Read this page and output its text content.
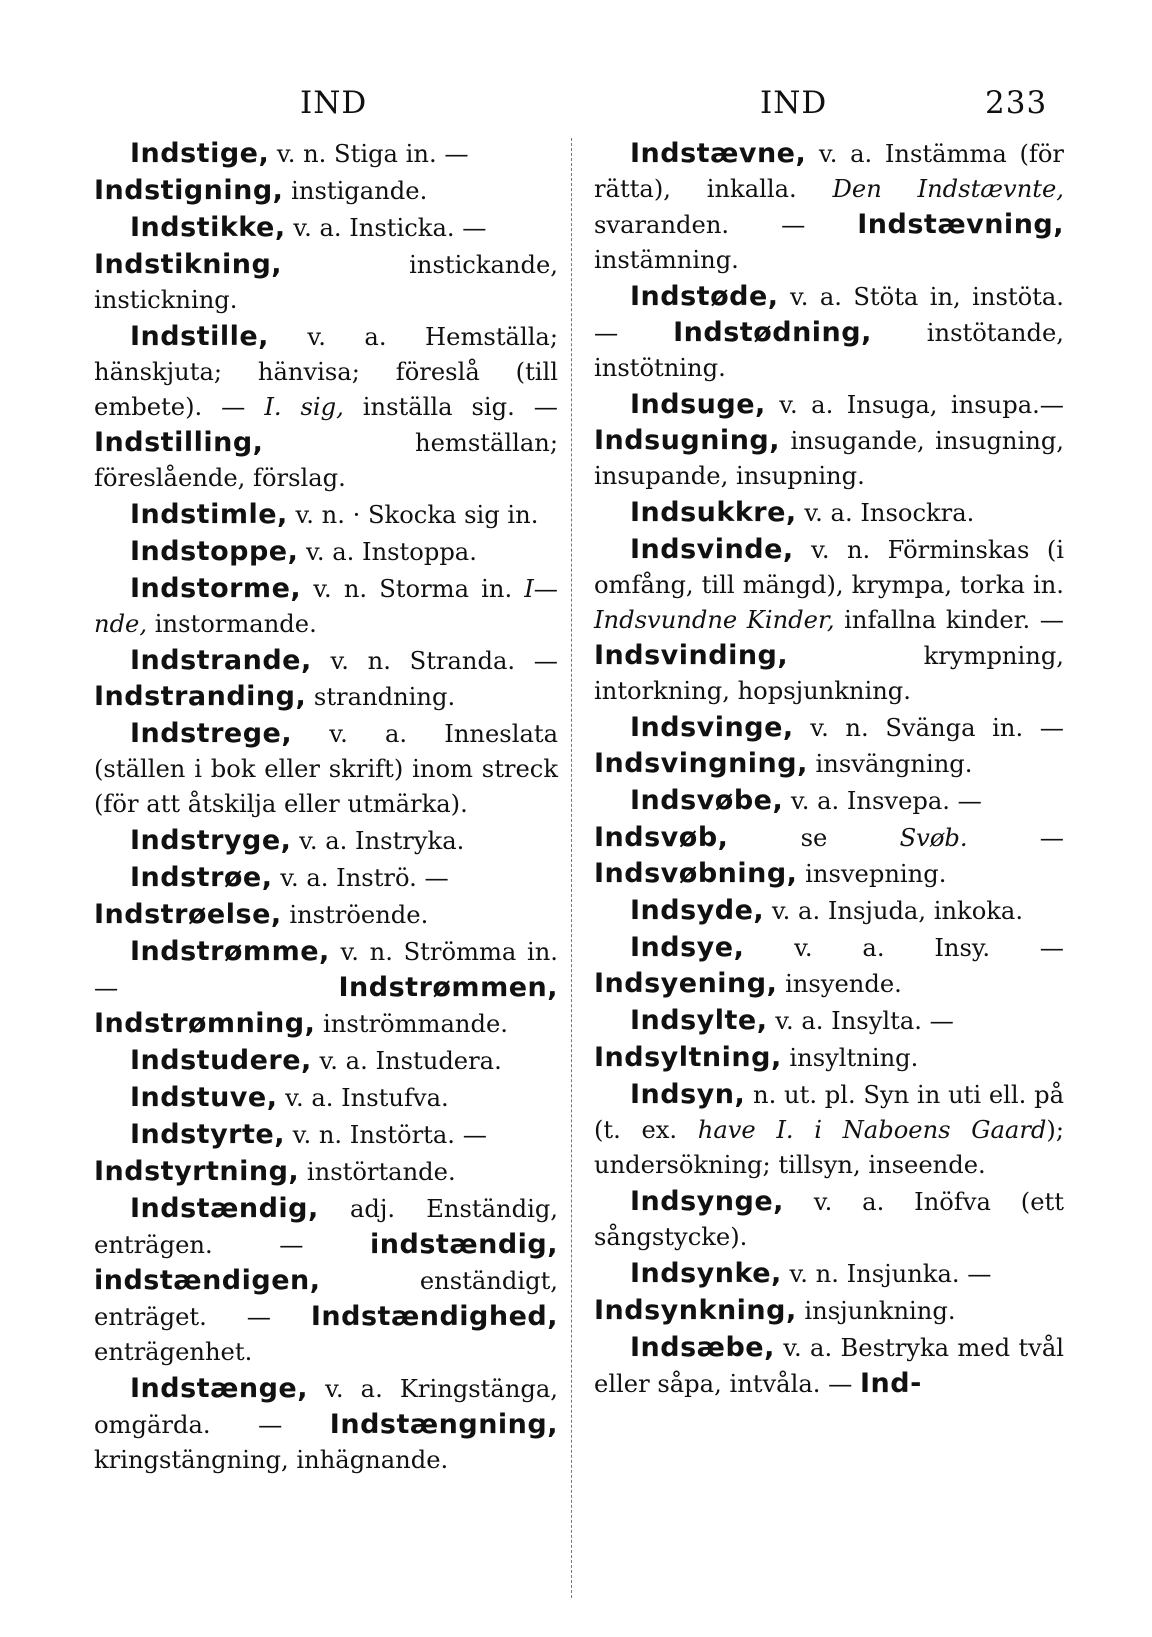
IND	IND	233

Indstige, v. n. Stiga in. —

Indstigning, instigande.

Indstikke, v. a. Insticka. —

Indstikning, instickande, instickning.

Indstille, v. a. Hemställa; hänskjuta; hänvisa; föreslå (till embete). — I. sig, inställa sig. — Indstilling, hemställan; föreslående, förslag.

Indstimle, v. n. · Skocka sig in.

Indstoppe, v. a. Instoppa.

Indstorme, v. n. Storma in. I—nde, instormande.

Indstrande, v. n. Stranda. — Indstranding, strandning.

Indstrege, v. a. Inneslata (ställen i bok eller skrift) inom streck (för att åtskilja eller utmärka).

Indstryge, v. a. Instryka.

Indstrøe, v. a. Inströ. —

Indstrøelse, inströende.

Indstrømme, v. n. Strömma in. — Indstrømmen, Indstrømning, inströmmande.

Indstudere, v. a. Instudera.

Indstuve, v. a. Instufva.

Indstyrte, v. n. Instörta. —

Indstyrtning, instörtande.

Indstændig, adj. Enständig, enträgen. — indstændig, indstændigen, enständigt, enträget. — Indstændighed, enträgenhet.

Indstænge, v. a. Kringstänga, omgärda. — Indstængning, kringstängning, inhägnande.

Indstævne, v. a. Instämma (för rätta), inkalla. Den Indstævnte, svaranden. — Indstævning, instämning.

Indstøde, v. a. Stöta in, instöta. — Indstødning, instötande, instötning.

Indsuge, v. a. Insuga, insupa.—Indsugning, insugande, insugning, insupande, insupning.

Indsukkre, v. a. Insockra.

Indsvinde, v. n. Förminskas (i omfång, till mängd), krympa, torka in. Indsvundne Kinder, infallna kinder. — Indsvinding, krympning, intorkning, hopsjunkning.

Indsvinge, v. n. Svänga in. — Indsvingning, insvängning.

Indsvøbe, v. a. Insvepa. —

Indsvøb, se Svøb. — Indsvøbning, insvepning.

Indsyde, v. a. Insjuda, inkoka.

Indsye, v. a. Insy. — Indsyening, insyende.

Indsylte, v. a. Insylta. —

Indsyltning, insyltning.

Indsyn, n. ut. pl. Syn in uti ell. på (t. ex. have I. i Naboens Gaard); undersökning; tillsyn, inseende.

Indsynge, v. a. Inöfva (ett sångstycke).

Indsynke, v. n. Insjunka. —

Indsynkning, insjunkning.

Indsæbe, v. a. Bestryka med tvål eller såpa, intvåla. — Ind-
